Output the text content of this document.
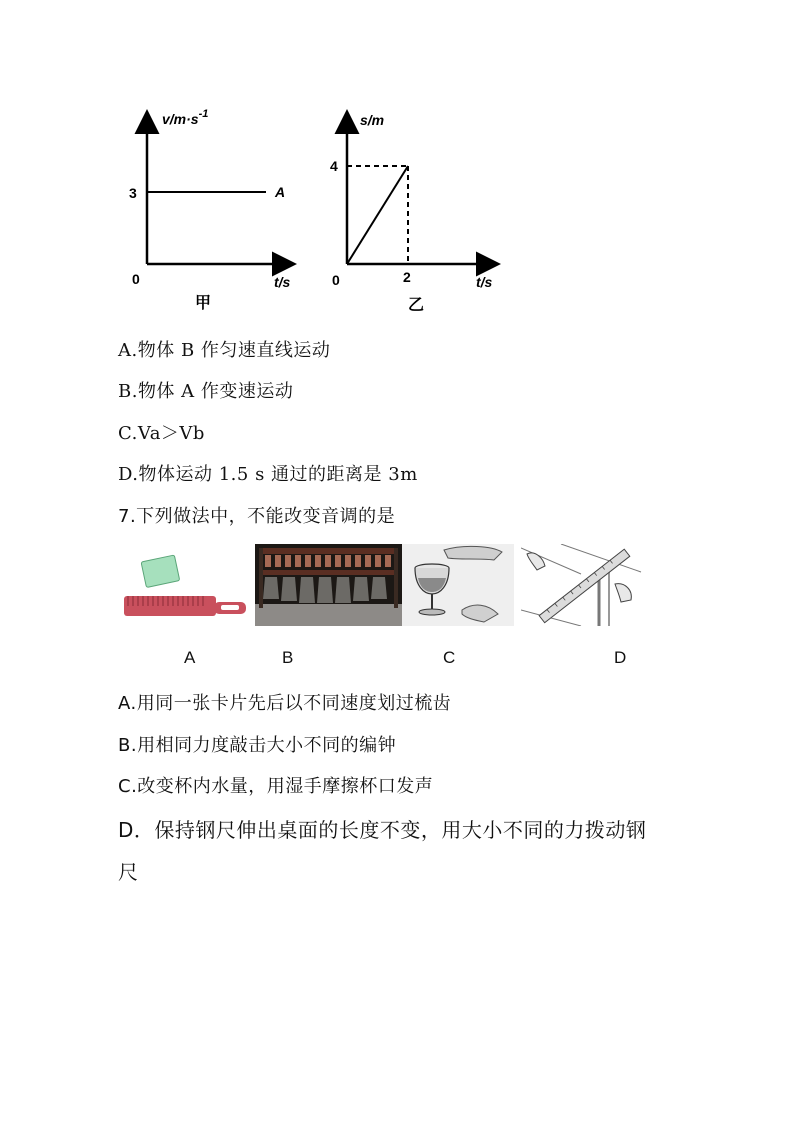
$v/m\cdot s^{-1}$
3	A
0	t/s
甲
s/m
4
0	2	t/s
乙
A.物体 B 作匀速直线运动
B.物体 A 作变速运动
C.Va＞Vb
D.物体运动 1.5 s 通过的距离是 3m
7.下列做法中，不能改变音调的是
A	B	C	D
A.用同一张卡片先后以不同速度划过梳齿
B.用相同力度敲击大小不同的编钟
C.改变杯内水量，用湿手摩擦杯口发声
D．保持钢尺伸出桌面的长度不变，用大小不同的力拨动钢
尺
